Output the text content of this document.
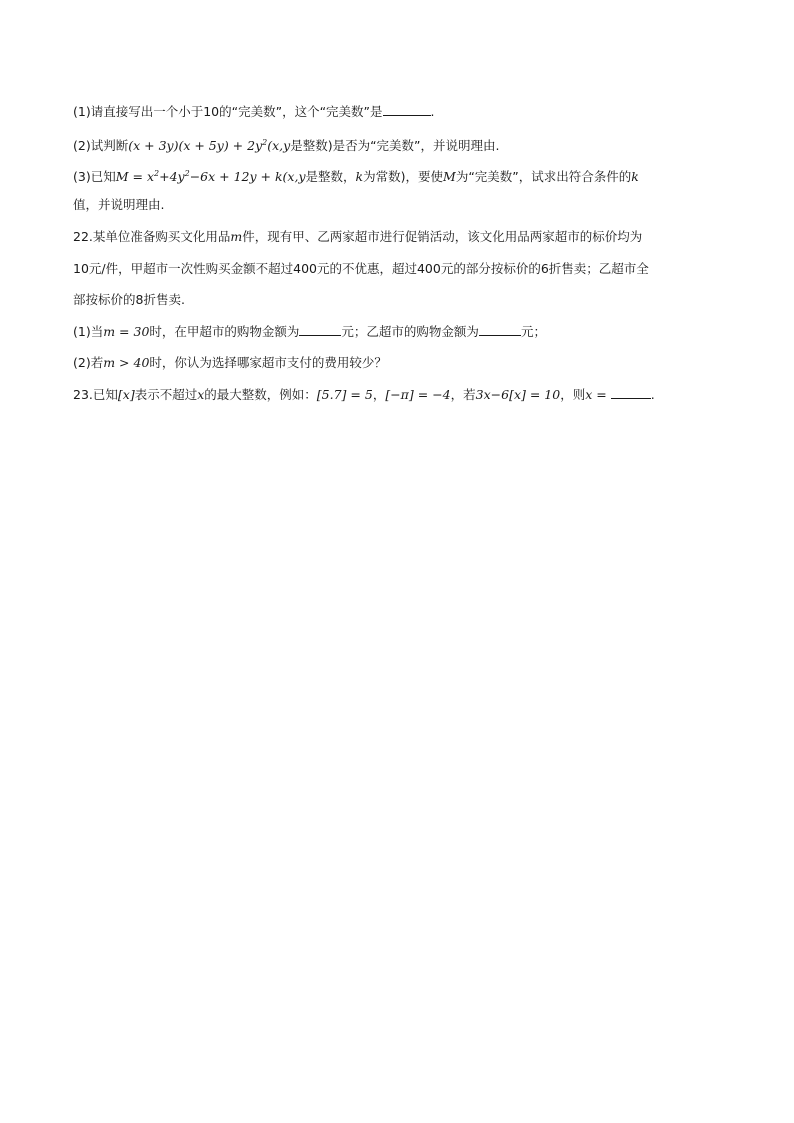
(1)请直接写出一个小于10的“完美数”，这个“完美数”是	.
(2)试判断$(x + 3y)(x + 5y) + 2y^2(x,y$是整数)是否为“完美数”，并说明理由.
(3)已知$M = x^2+4y^2-6x + 12y + k(x,y$是整数，k为常数)，要使M为“完美数”，试求出符合条件的k
值，并说明理由.
22.某单位准备购买文化用品m件，现有甲、乙两家超市进行促销活动，该文化用品两家超市的标价均为
10元/件，甲超市一次性购买金额不超过400元的不优惠，超过400元的部分按标价的6折售卖；乙超市全
部按标价的8折售卖.
(1)当m = 30时，在甲超市的购物金额为	元；乙超市的购物金额为	元；
(2)若m > 40时，你认为选择哪家超市支付的费用较少？
23.已知[x]表示不超过x的最大整数，例如：[5.7] = 5，[−π] = −4，若3x−6[x] = 10，则x =	.
